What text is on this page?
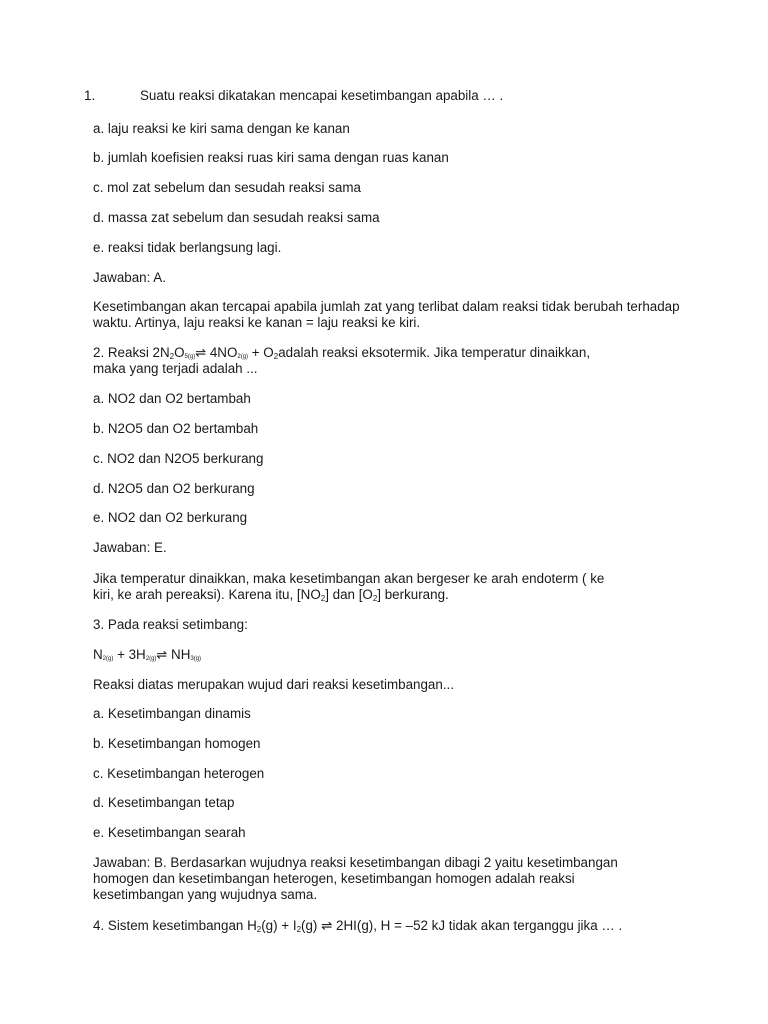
1.	Suatu reaksi dikatakan mencapai kesetimbangan apabila … .
a. laju reaksi ke kiri sama dengan ke kanan
b. jumlah koefisien reaksi ruas kiri sama dengan ruas kanan
c. mol zat sebelum dan sesudah reaksi sama
d. massa zat sebelum dan sesudah reaksi sama
e. reaksi tidak berlangsung lagi.
Jawaban: A.
Kesetimbangan akan tercapai apabila jumlah zat yang terlibat dalam reaksi tidak berubah terhadap waktu. Artinya, laju reaksi ke kanan = laju reaksi ke kiri.
2. Reaksi $2N_2O_{5(g)}\rightleftharpoons$ $4NO_{2(g)}$ + $O_2adalah$ reaksi eksotermik. Jika temperatur dinaikkan,
maka yang terjadi adalah ...
a. NO2 dan O2 bertambah
b. N2O5 dan O2 bertambah
c. NO2 dan N2O5 berkurang
d. N2O5 dan O2 berkurang
e. NO2 dan O2 berkurang
Jawaban: E.
Jika temperatur dinaikkan, maka kesetimbangan akan bergeser ke arah endoterm ( ke
kiri, ke arah pereaksi). Karena itu, $[NO_2]$ dan $[O_2]$ berkurang.
3. Pada reaksi setimbang:
$N_{2(g)}$ + $3H_{2(g)}\rightleftharpoons$ $NH_{3(g)}$
Reaksi diatas merupakan wujud dari reaksi kesetimbangan...
a. Kesetimbangan dinamis
b. Kesetimbangan homogen
c. Kesetimbangan heterogen
d. Kesetimbangan tetap
e. Kesetimbangan searah
Jawaban: B. Berdasarkan wujudnya reaksi kesetimbangan dibagi 2 yaitu kesetimbangan homogen dan kesetimbangan heterogen, kesetimbangan homogen adalah reaksi kesetimbangan yang wujudnya sama.
4. Sistem kesetimbangan $H_2(g) + I_2(g)$ ⇌ 2HI(g), H = –52 kJ tidak akan terganggu jika … .
